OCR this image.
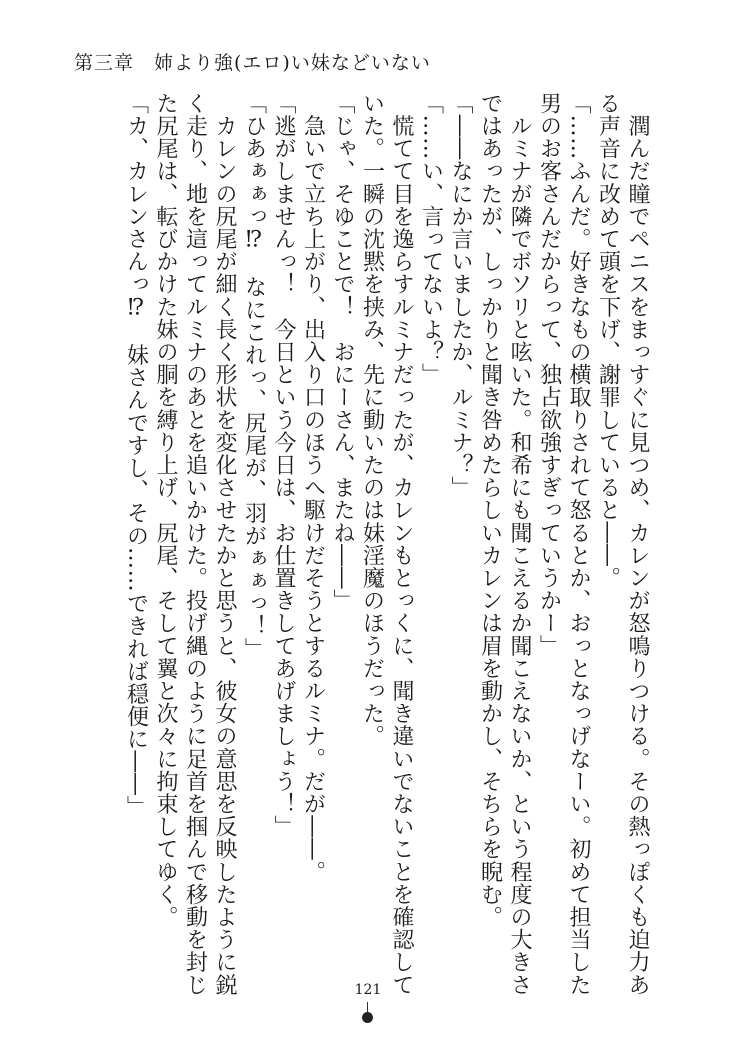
第三章　姉より強(エロ)い妹などいない
　潤んだ瞳でペニスをまっすぐに見つめ、カレンが怒鳴りつける。その熱っぽくも迫力あ
る声音に改めて頭を下げ、謝罪していると――。
「……ふんだ。好きなもの横取りされて怒るとか、おっとなっげなーい。初めて担当した
男のお客さんだからって、独占欲強すぎっていうかー」
　ルミナが隣でボソリと呟いた。和希にも聞こえるか聞こえないか、という程度の大きさ
ではあったが、しっかりと聞き咎めたらしいカレンは眉を動かし、そちらを睨む。
「――なにか言いましたか、ルミナ？」
「……い、言ってないよ？」
　慌てて目を逸らすルミナだったが、カレンもとっくに、聞き違いでないことを確認して
いた。一瞬の沈黙を挟み、先に動いたのは妹淫魔のほうだった。
「じゃ、そゆことで！　おにーさん、またね――」
　急いで立ち上がり、出入り口のほうへ駆けだそうとするルミナ。だが――。
「逃がしませんっ！　今日という今日は、お仕置きしてあげましょう！」
「ひあぁぁっ⁉　なにこれっ、尻尾が、羽がぁぁっ！」
　カレンの尻尾が細く長く形状を変化させたかと思うと、彼女の意思を反映したように鋭
く走り、地を這ってルミナのあとを追いかけた。投げ縄のように足首を掴んで移動を封じ
た尻尾は、転びかけた妹の胴を縛り上げ、尻尾、そして翼と次々に拘束してゆく。
「カ、カレンさんっ⁉　妹さんですし、その……できれば穏便に――」
121
